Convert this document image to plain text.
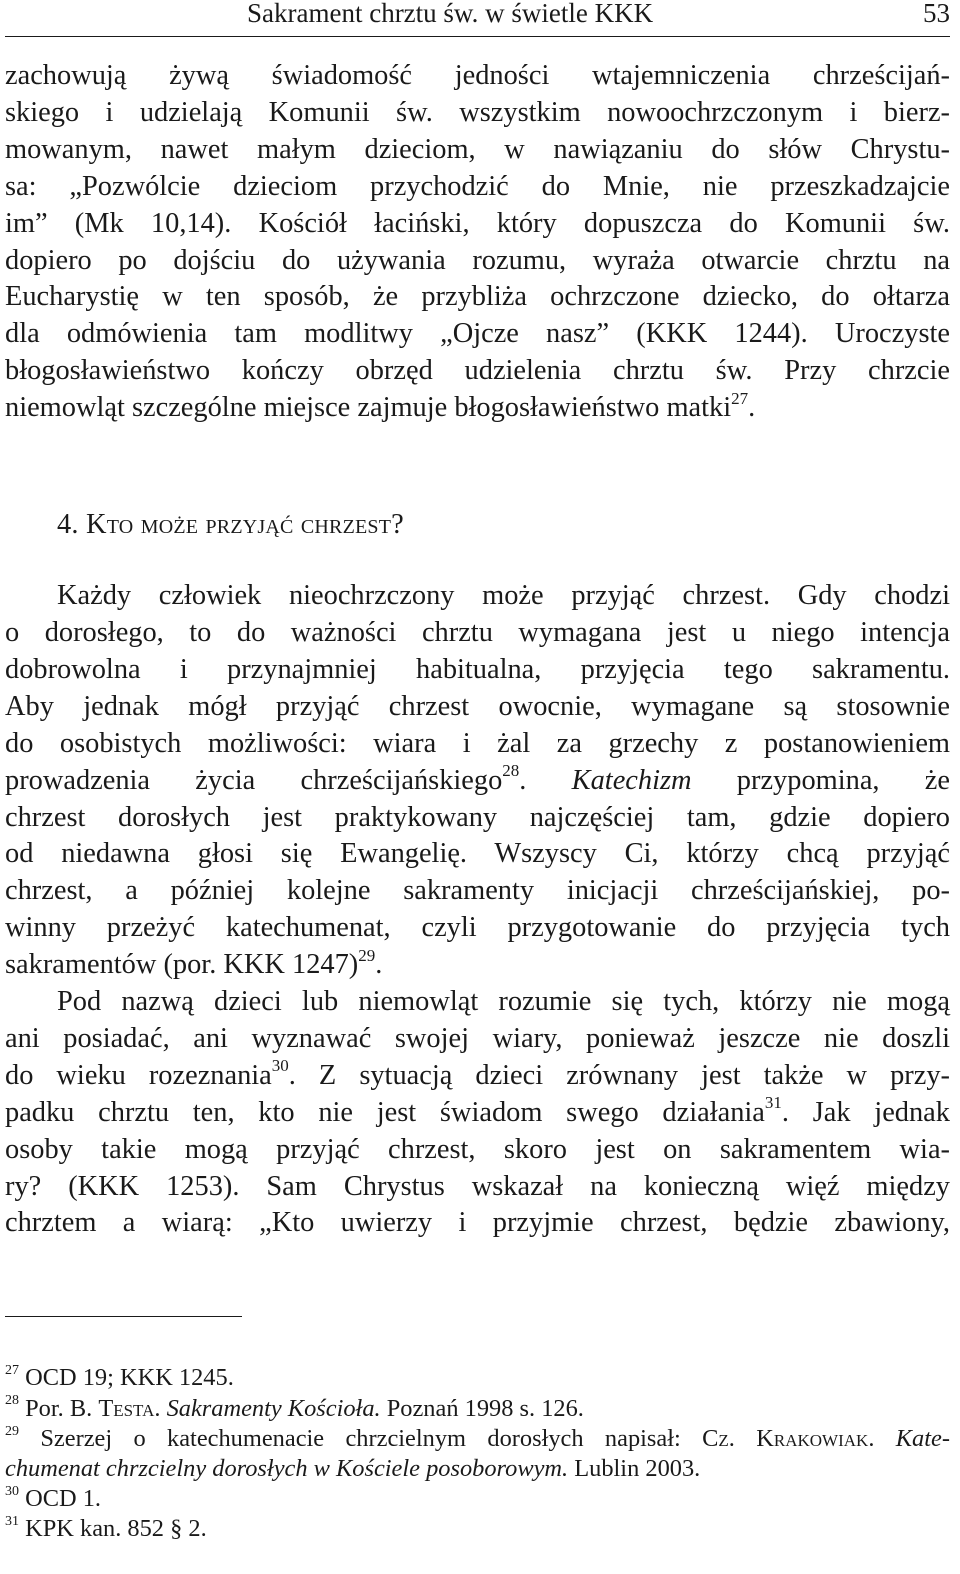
Sakrament chrztu św. w świetle KKK	53
zachowują żywą świadomość jedności wtajemniczenia chrześcijań-
skiego i udzielają Komunii św. wszystkim nowoochrzczonym i bierz-
mowanym, nawet małym dzieciom, w nawiązaniu do słów Chrystu-
sa: „Pozwólcie dzieciom przychodzić do Mnie, nie przeszkadzajcie
im” (Mk 10,14). Kościół łaciński, który dopuszcza do Komunii św.
dopiero po dojściu do używania rozumu, wyraża otwarcie chrztu na
Eucharystię w ten sposób, że przybliża ochrzczone dziecko, do ołtarza
dla odmówienia tam modlitwy „Ojcze nasz” (KKK 1244). Uroczyste
błogosławieństwo kończy obrzęd udzielenia chrztu św. Przy chrzcie
niemowląt szczególne miejsce zajmuje błogosławieństwo matki$^{27}$.
4. Kto może przyjąć chrzest?
Każdy człowiek nieochrzczony może przyjąć chrzest. Gdy chodzi
o dorosłego, to do ważności chrztu wymagana jest u niego intencja
dobrowolna i przynajmniej habitualna, przyjęcia tego sakramentu.
Aby jednak mógł przyjąć chrzest owocnie, wymagane są stosownie
do osobistych możliwości: wiara i żal za grzechy z postanowieniem
prowadzenia życia chrześcijańskiego$^{28}$. Katechizm przypomina, że
chrzest dorosłych jest praktykowany najczęściej tam, gdzie dopiero
od niedawna głosi się Ewangelię. Wszyscy Ci, którzy chcą przyjąć
chrzest, a później kolejne sakramenty inicjacji chrześcijańskiej, po-
winny przeżyć katechumenat, czyli przygotowanie do przyjęcia tych
sakramentów (por. KKK 1247)$^{29}$.
Pod nazwą dzieci lub niemowląt rozumie się tych, którzy nie mogą
ani posiadać, ani wyznawać swojej wiary, ponieważ jeszcze nie doszli
do wieku rozeznania$^{30}$. Z sytuacją dzieci zrównany jest także w przy-
padku chrztu ten, kto nie jest świadom swego działania$^{31}$. Jak jednak
osoby takie mogą przyjąć chrzest, skoro jest on sakramentem wia-
ry? (KKK 1253). Sam Chrystus wskazał na konieczną więź między
chrztem a wiarą: „Kto uwierzy i przyjmie chrzest, będzie zbawiony,
$^{27}$ OCD 19; KKK 1245.
$^{28}$ Por. B. Testa. Sakramenty Kościoła. Poznań 1998 s. 126.
$^{29}$ Szerzej o katechumenacie chrzcielnym dorosłych napisał: Cz. Krakowiak. Kate-
chumenat chrzcielny dorosłych w Kościele posoborowym. Lublin 2003.
$^{30}$ OCD 1.
$^{31}$ KPK kan. 852 § 2.
